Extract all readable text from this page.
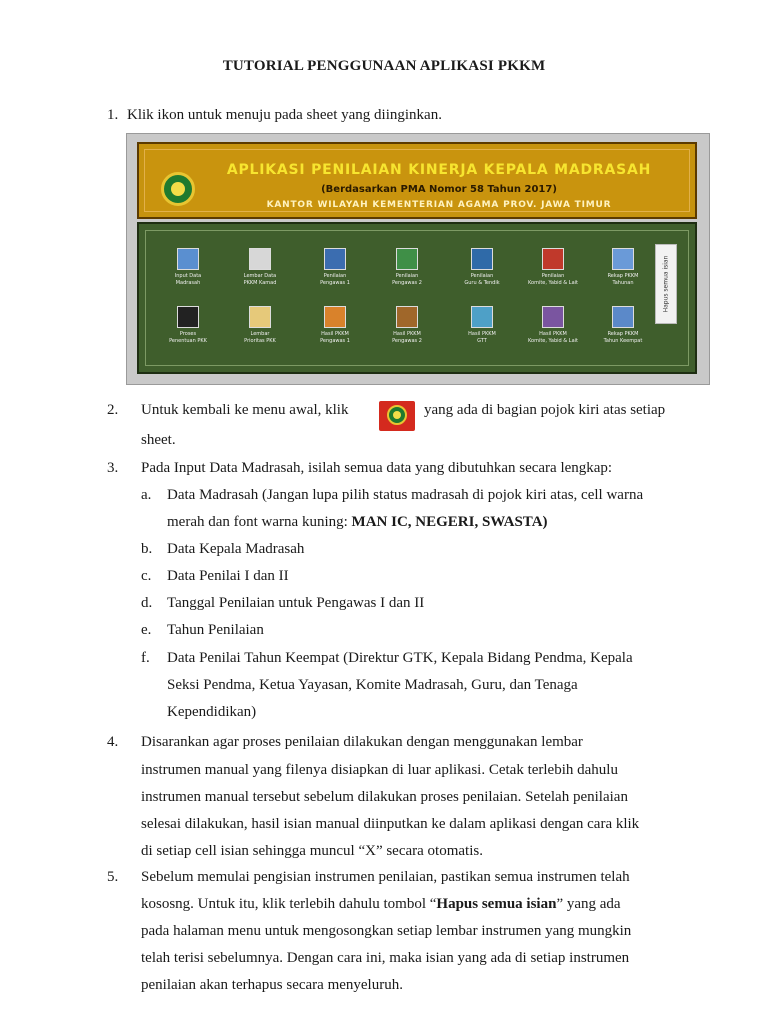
TUTORIAL PENGGUNAAN APLIKASI PKKM
1. Klik ikon untuk menuju pada sheet yang diinginkan.
APLIKASI PENILAIAN KINERJA KEPALA MADRASAH
(Berdasarkan PMA Nomor 58 Tahun 2017)
KANTOR WILAYAH KEMENTERIAN AGAMA PROV. JAWA TIMUR
Input Data
Madrasah
Lembar Data
PKKM Kamad
Penilaian
Pengawas 1
Penilaian
Pengawas 2
Penilaian
Guru & Tendik
Penilaian
Komite, Yabid & Lait
Rekap PKKM
Tahunan
Proses
Penentuan PKK
Lembar
Prioritas PKK
Hasil PKKM
Pengawas 1
Hasil PKKM
Pengawas 2
Hasil PKKM
GTT
Hasil PKKM
Komite, Yabid & Lait
Rekap PKKM
Tahun Keempat
Hapus semua isian
2. Untuk kembali ke menu awal, klik	yang ada di bagian pojok kiri atas setiap
sheet.
3. Pada Input Data Madrasah, isilah semua data yang dibutuhkan secara lengkap:
a. Data Madrasah (Jangan lupa pilih status madrasah di pojok kiri atas, cell warna
merah dan font warna kuning: MAN IC, NEGERI, SWASTA)
b. Data Kepala Madrasah
c. Data Penilai I dan II
d. Tanggal Penilaian untuk Pengawas I dan II
e. Tahun Penilaian
f. Data Penilai Tahun Keempat (Direktur GTK, Kepala Bidang Pendma, Kepala
Seksi Pendma, Ketua Yayasan, Komite Madrasah, Guru, dan Tenaga
Kependidikan)
4. Disarankan agar proses penilaian dilakukan dengan menggunakan lembar
instrumen manual yang filenya disiapkan di luar aplikasi. Cetak terlebih dahulu
instrumen manual tersebut sebelum dilakukan proses penilaian. Setelah penilaian
selesai dilakukan, hasil isian manual diinputkan ke dalam aplikasi dengan cara klik
di setiap cell isian sehingga muncul “X” secara otomatis.
5. Sebelum memulai pengisian instrumen penilaian, pastikan semua instrumen telah
kososng. Untuk itu, klik terlebih dahulu tombol “Hapus semua isian” yang ada
pada halaman menu untuk mengosongkan setiap lembar instrumen yang mungkin
telah terisi sebelumnya. Dengan cara ini, maka isian yang ada di setiap instrumen
penilaian akan terhapus secara menyeluruh.
